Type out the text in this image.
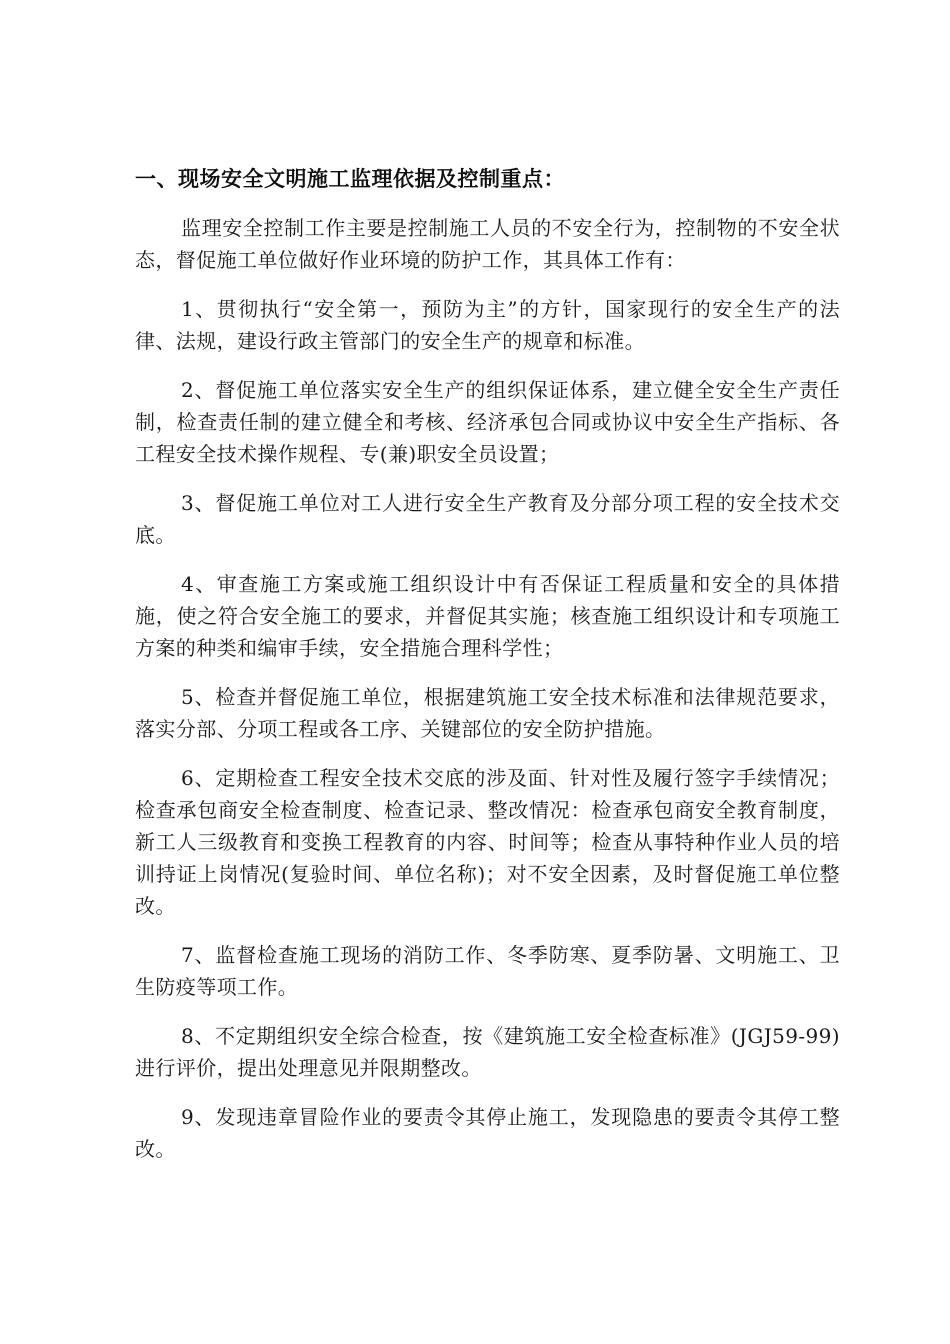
一、现场安全文明施工监理依据及控制重点：

监理安全控制工作主要是控制施工人员的不安全行为，控制物的不安全状态，督促施工单位做好作业环境的防护工作，其具体工作有：

1、贯彻执行“安全第一，预防为主”的方针，国家现行的安全生产的法律、法规，建设行政主管部门的安全生产的规章和标准。

2、督促施工单位落实安全生产的组织保证体系，建立健全安全生产责任制，检查责任制的建立健全和考核、经济承包合同或协议中安全生产指标、各工程安全技术操作规程、专(兼)职安全员设置；

3、督促施工单位对工人进行安全生产教育及分部分项工程的安全技术交底。

4、审查施工方案或施工组织设计中有否保证工程质量和安全的具体措施，使之符合安全施工的要求，并督促其实施；核查施工组织设计和专项施工方案的种类和编审手续，安全措施合理科学性；

5、检查并督促施工单位，根据建筑施工安全技术标准和法律规范要求，落实分部、分项工程或各工序、关键部位的安全防护措施。

6、定期检查工程安全技术交底的涉及面、针对性及履行签字手续情况；检查承包商安全检查制度、检查记录、整改情况：检查承包商安全教育制度，新工人三级教育和变换工程教育的内容、时间等；检查从事特种作业人员的培训持证上岗情况(复验时间、单位名称)；对不安全因素，及时督促施工单位整改。

7、监督检查施工现场的消防工作、冬季防寒、夏季防暑、文明施工、卫生防疫等项工作。

8、不定期组织安全综合检查，按《建筑施工安全检查标准》(JGJ59-99)进行评价，提出处理意见并限期整改。

9、发现违章冒险作业的要责令其停止施工，发现隐患的要责令其停工整改。
